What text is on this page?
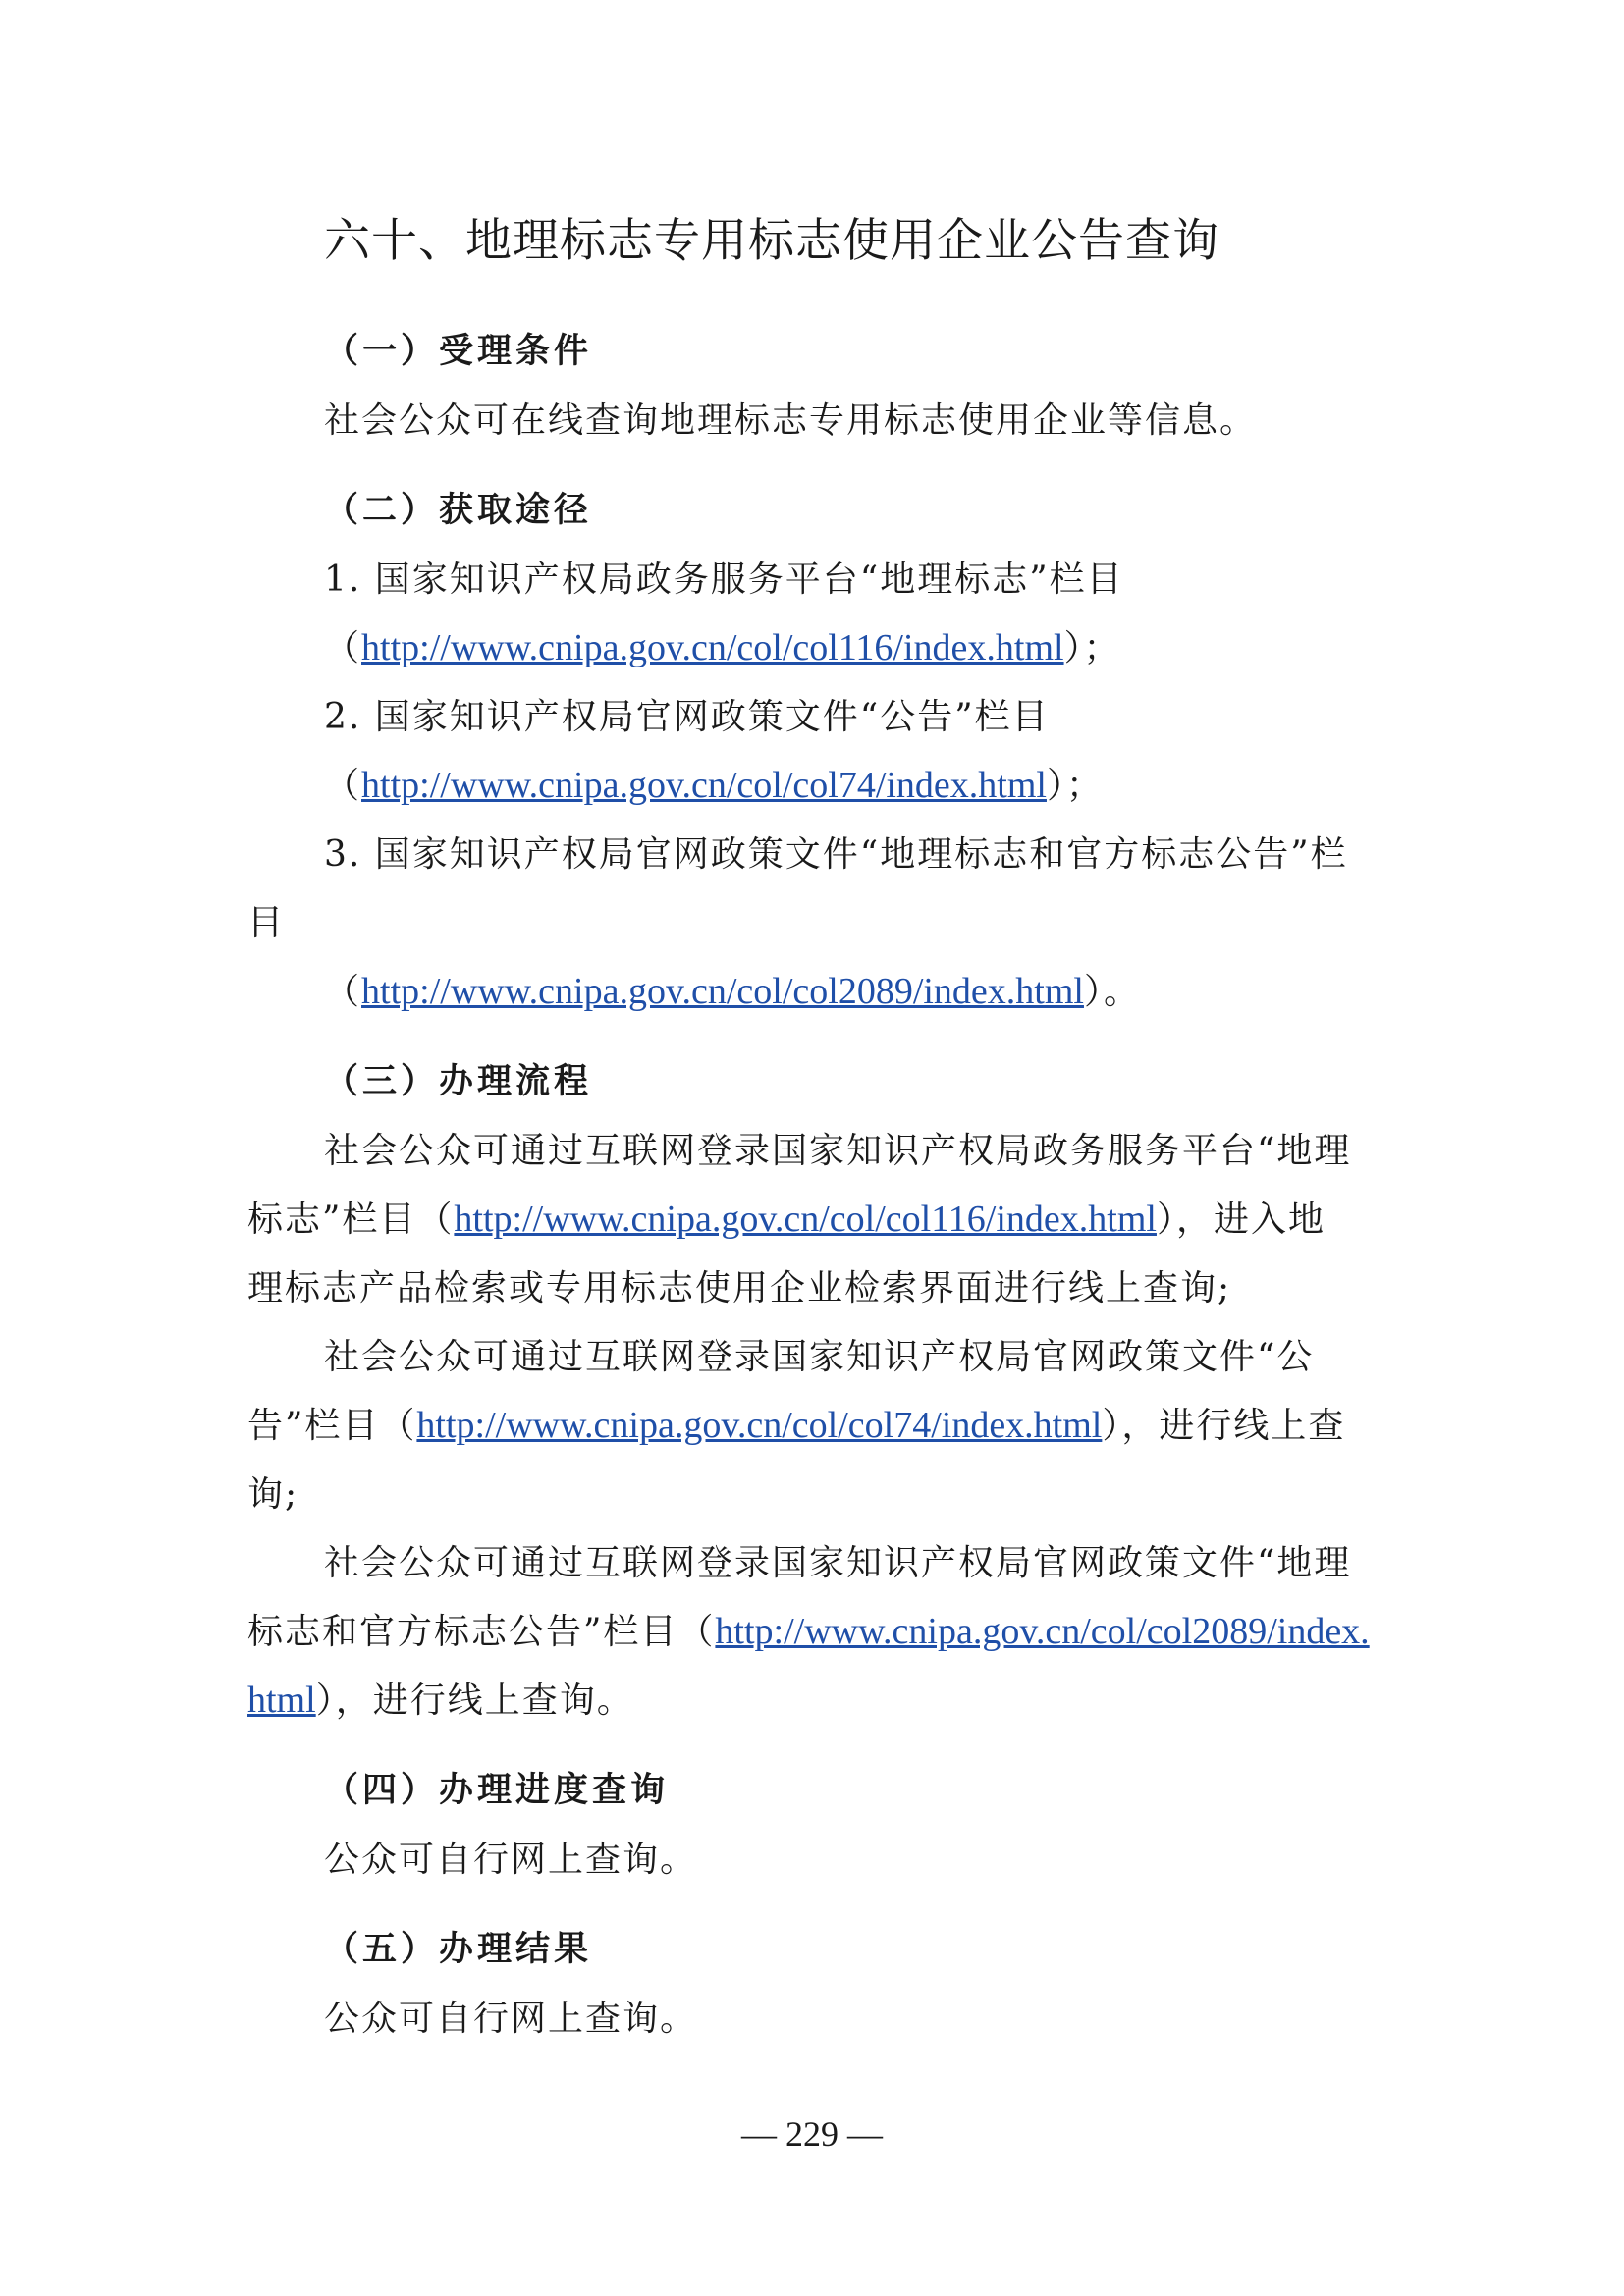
六十、地理标志专用标志使用企业公告查询
（一）受理条件
社会公众可在线查询地理标志专用标志使用企业等信息。
（二）获取途径
1. 国家知识产权局政务服务平台“地理标志”栏目
（http://www.cnipa.gov.cn/col/col116/index.html）；
2. 国家知识产权局官网政策文件“公告”栏目
（http://www.cnipa.gov.cn/col/col74/index.html）；
3. 国家知识产权局官网政策文件“地理标志和官方标志公告”栏
目
（http://www.cnipa.gov.cn/col/col2089/index.html）。
（三）办理流程
社会公众可通过互联网登录国家知识产权局政务服务平台“地理
标志”栏目（http://www.cnipa.gov.cn/col/col116/index.html），进入地
理标志产品检索或专用标志使用企业检索界面进行线上查询;
社会公众可通过互联网登录国家知识产权局官网政策文件“公
告”栏目（http://www.cnipa.gov.cn/col/col74/index.html），进行线上查
询;
社会公众可通过互联网登录国家知识产权局官网政策文件“地理
标志和官方标志公告”栏目（http://www.cnipa.gov.cn/col/col2089/index.
html），进行线上查询。
（四）办理进度查询
公众可自行网上查询。
（五）办理结果
公众可自行网上查询。
— 229 —
